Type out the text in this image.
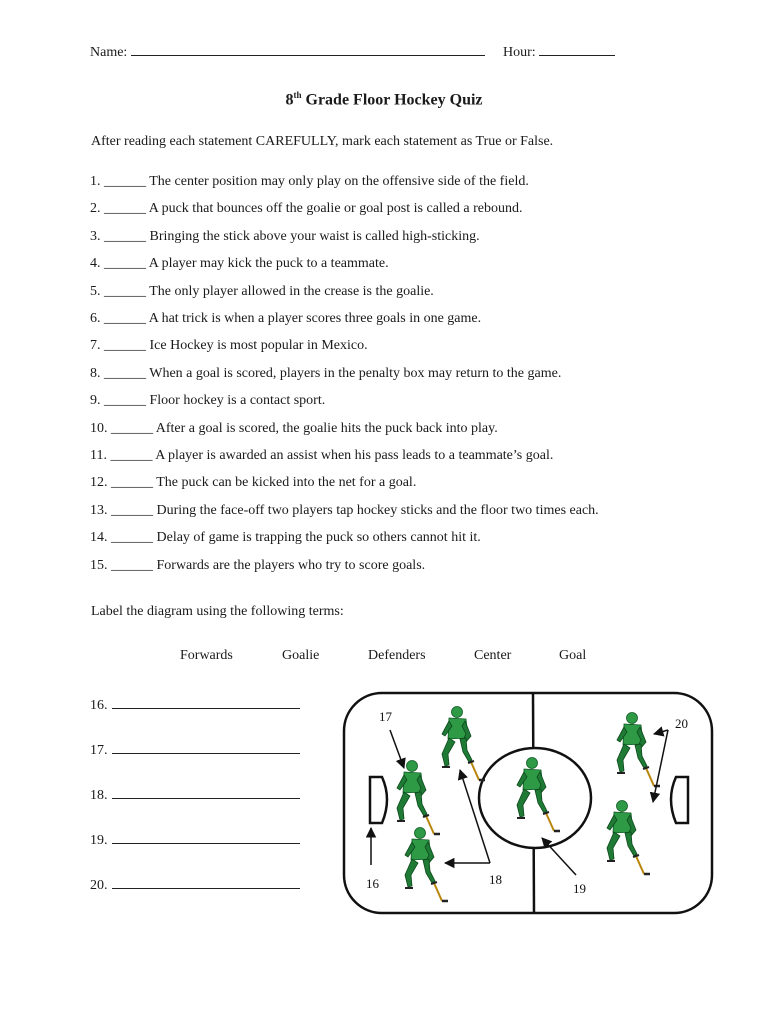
Name:	Hour:
8th Grade Floor Hockey Quiz
After reading each statement CAREFULLY, mark each statement as True or False.
1. ______ The center position may only play on the offensive side of the field.
2. ______ A puck that bounces off the goalie or goal post is called a rebound.
3. ______ Bringing the stick above your waist is called high-sticking.
4. ______ A player may kick the puck to a teammate.
5. ______ The only player allowed in the crease is the goalie.
6. ______ A hat trick is when a player scores three goals in one game.
7. ______ Ice Hockey is most popular in Mexico.
8. ______ When a goal is scored, players in the penalty box may return to the game.
9. ______ Floor hockey is a contact sport.
10. ______ After a goal is scored, the goalie hits the puck back into play.
11. ______ A player is awarded an assist when his pass leads to a teammate’s goal.
12. ______ The puck can be kicked into the net for a goal.
13. ______ During the face-off two players tap hockey sticks and the floor two times each.
14. ______ Delay of game is trapping the puck so others cannot hit it.
15. ______ Forwards are the players who try to score goals.
Label the diagram using the following terms:
Forwards	Goalie	Defenders	Center	Goal
16.
17.
18.
19.
20.
17	20
16	18
19
